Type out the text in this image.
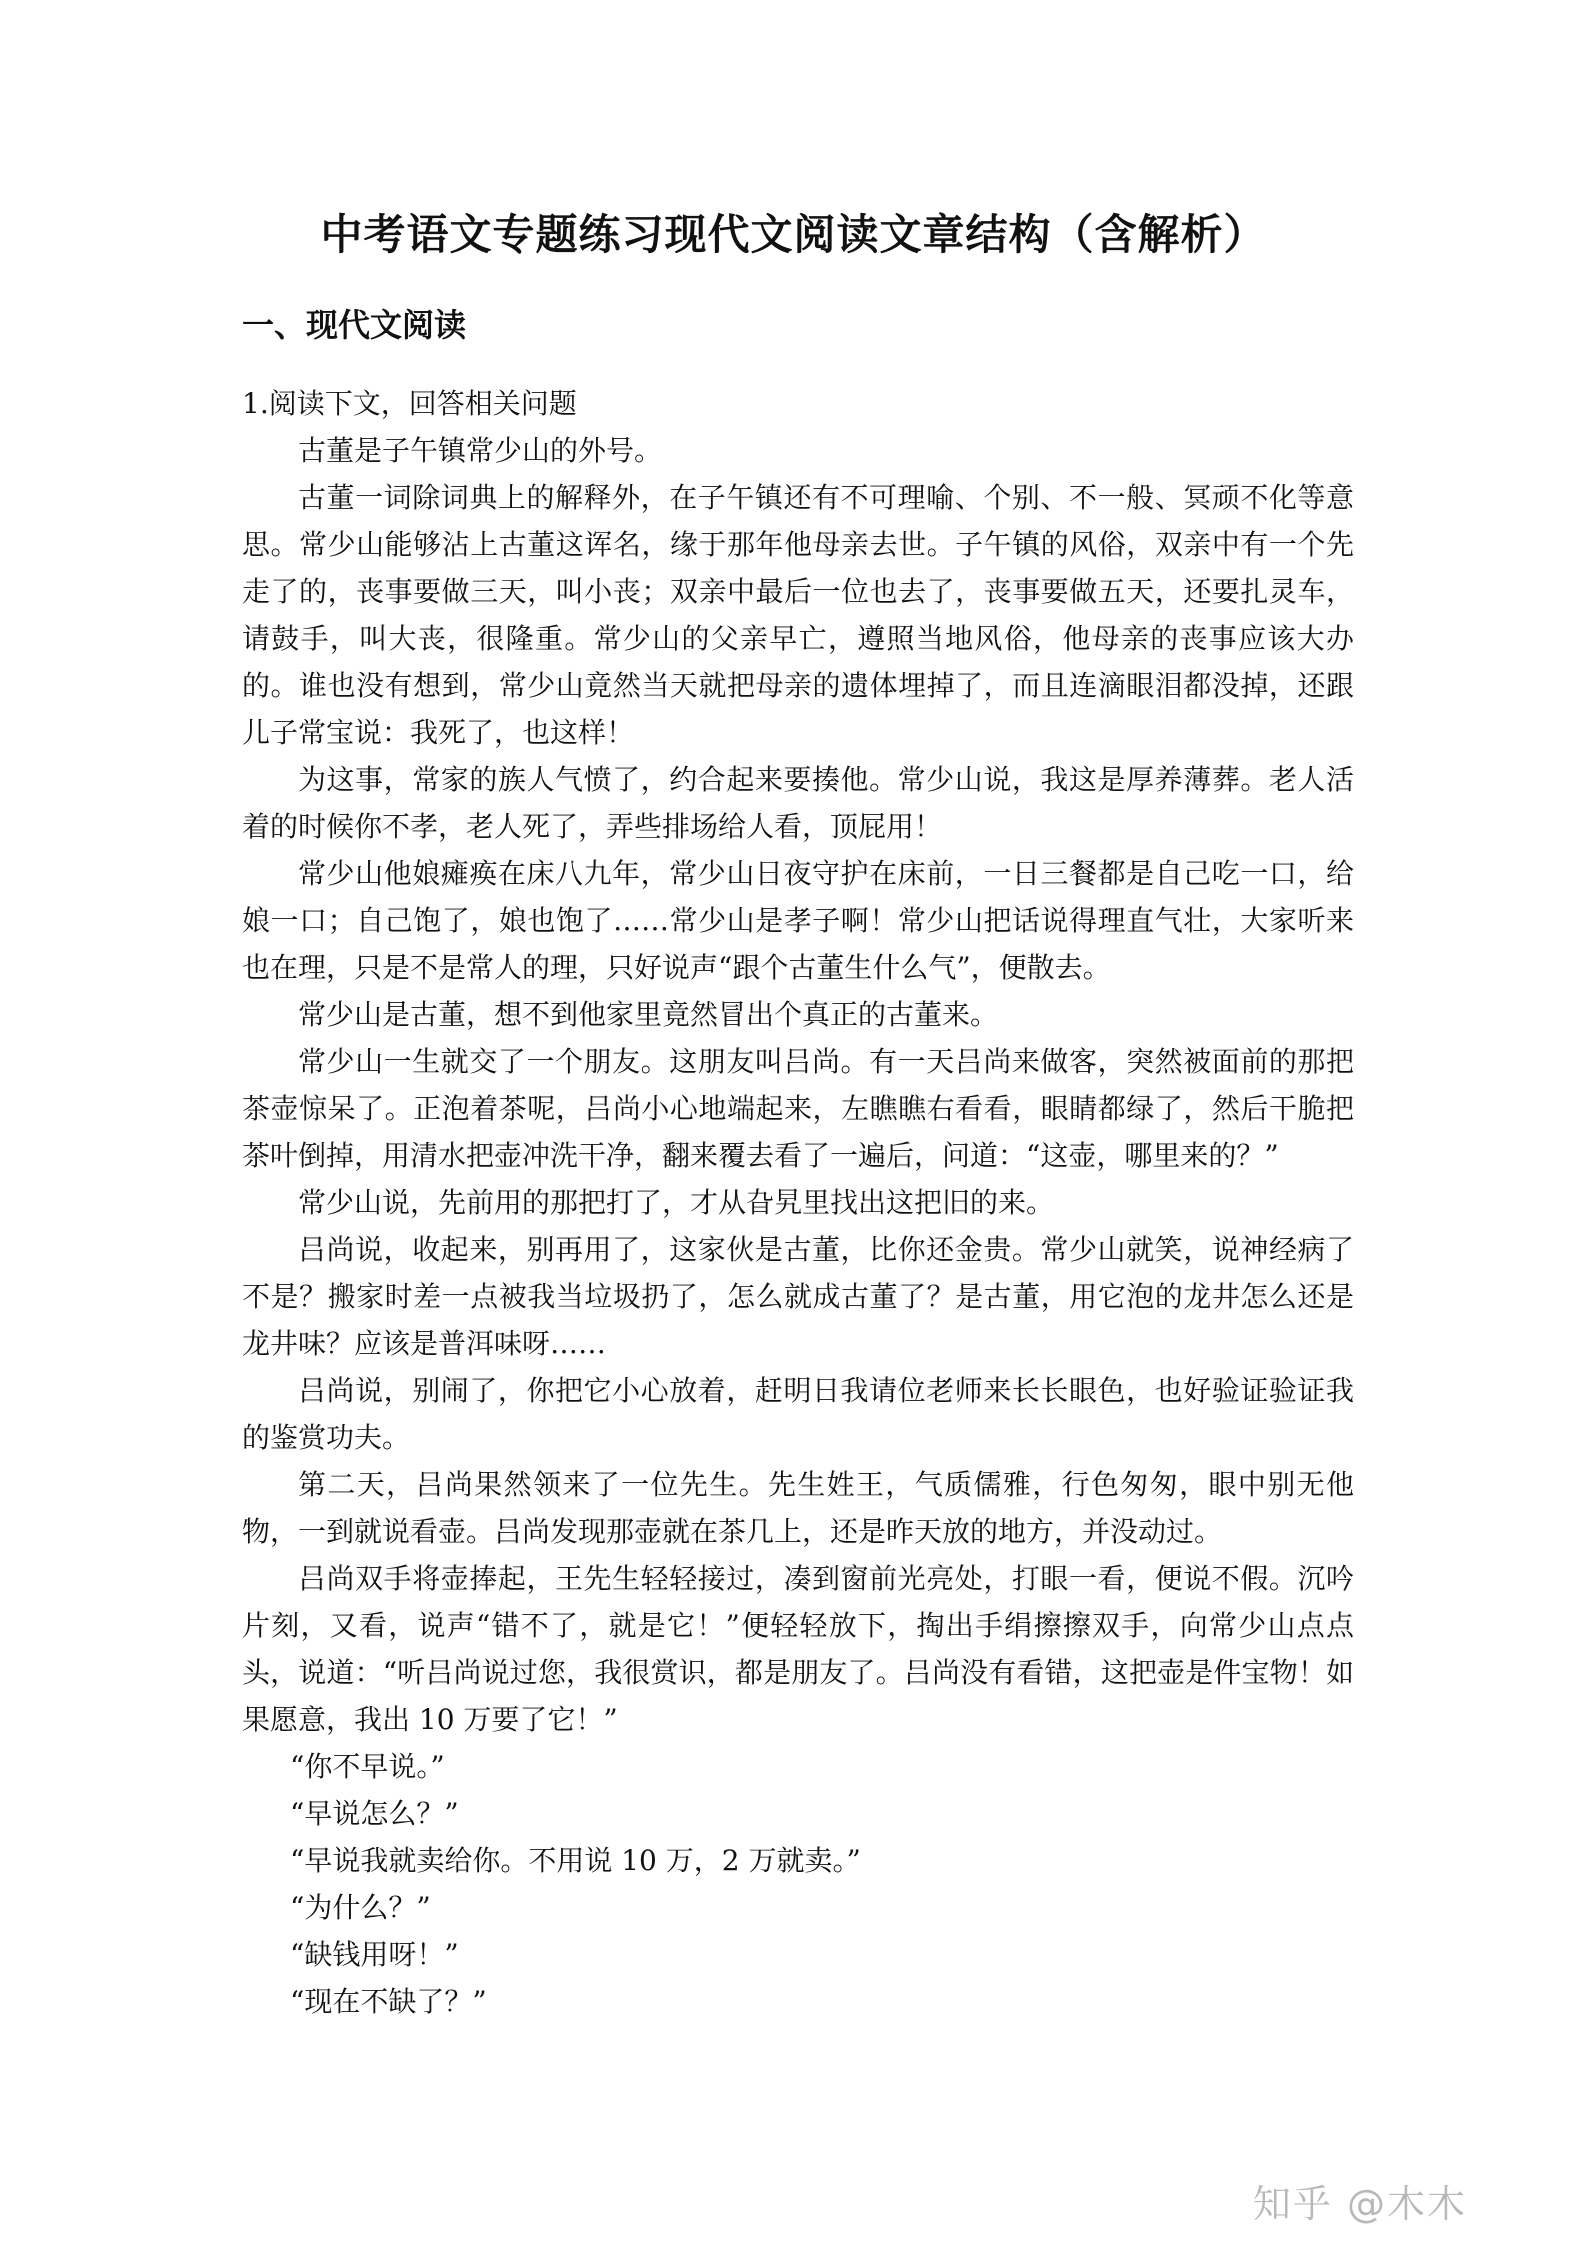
中考语文专题练习现代文阅读文章结构（含解析）
一、现代文阅读

1.阅读下文，回答相关问题

古董是子午镇常少山的外号。

古董一词除词典上的解释外，在子午镇还有不可理喻、个别、不一般、冥顽不化等意思。常少山能够沾上古董这诨名，缘于那年他母亲去世。子午镇的风俗，双亲中有一个先走了的，丧事要做三天，叫小丧；双亲中最后一位也去了，丧事要做五天，还要扎灵车，请鼓手，叫大丧，很隆重。常少山的父亲早亡，遵照当地风俗，他母亲的丧事应该大办的。谁也没有想到，常少山竟然当天就把母亲的遗体埋掉了，而且连滴眼泪都没掉，还跟儿子常宝说：我死了，也这样！

为这事，常家的族人气愤了，约合起来要揍他。常少山说，我这是厚养薄葬。老人活着的时候你不孝，老人死了，弄些排场给人看，顶屁用！

常少山他娘瘫痪在床八九年，常少山日夜守护在床前，一日三餐都是自己吃一口，给娘一口；自己饱了，娘也饱了……常少山是孝子啊！常少山把话说得理直气壮，大家听来也在理，只是不是常人的理，只好说声“跟个古董生什么气”，便散去。

常少山是古董，想不到他家里竟然冒出个真正的古董来。

常少山一生就交了一个朋友。这朋友叫吕尚。有一天吕尚来做客，突然被面前的那把茶壶惊呆了。正泡着茶呢，吕尚小心地端起来，左瞧瞧右看看，眼睛都绿了，然后干脆把茶叶倒掉，用清水把壶冲洗干净，翻来覆去看了一遍后，问道：“这壶，哪里来的？”

常少山说，先前用的那把打了，才从旮旯里找出这把旧的来。

吕尚说，收起来，别再用了，这家伙是古董，比你还金贵。常少山就笑，说神经病了不是？搬家时差一点被我当垃圾扔了，怎么就成古董了？是古董，用它泡的龙井怎么还是龙井味？应该是普洱味呀……

吕尚说，别闹了，你把它小心放着，赶明日我请位老师来长长眼色，也好验证验证我的鉴赏功夫。

第二天，吕尚果然领来了一位先生。先生姓王，气质儒雅，行色匆匆，眼中别无他物，一到就说看壶。吕尚发现那壶就在茶几上，还是昨天放的地方，并没动过。

吕尚双手将壶捧起，王先生轻轻接过，凑到窗前光亮处，打眼一看，便说不假。沉吟片刻，又看，说声“错不了，就是它！”便轻轻放下，掏出手绢擦擦双手，向常少山点点头，说道：“听吕尚说过您，我很赏识，都是朋友了。吕尚没有看错，这把壶是件宝物！如果愿意，我出 10 万要了它！”

“你不早说。”

“早说怎么？”

“早说我就卖给你。不用说 10 万，2 万就卖。”

“为什么？”

“缺钱用呀！”

“现在不缺了？”

知乎 @木木
